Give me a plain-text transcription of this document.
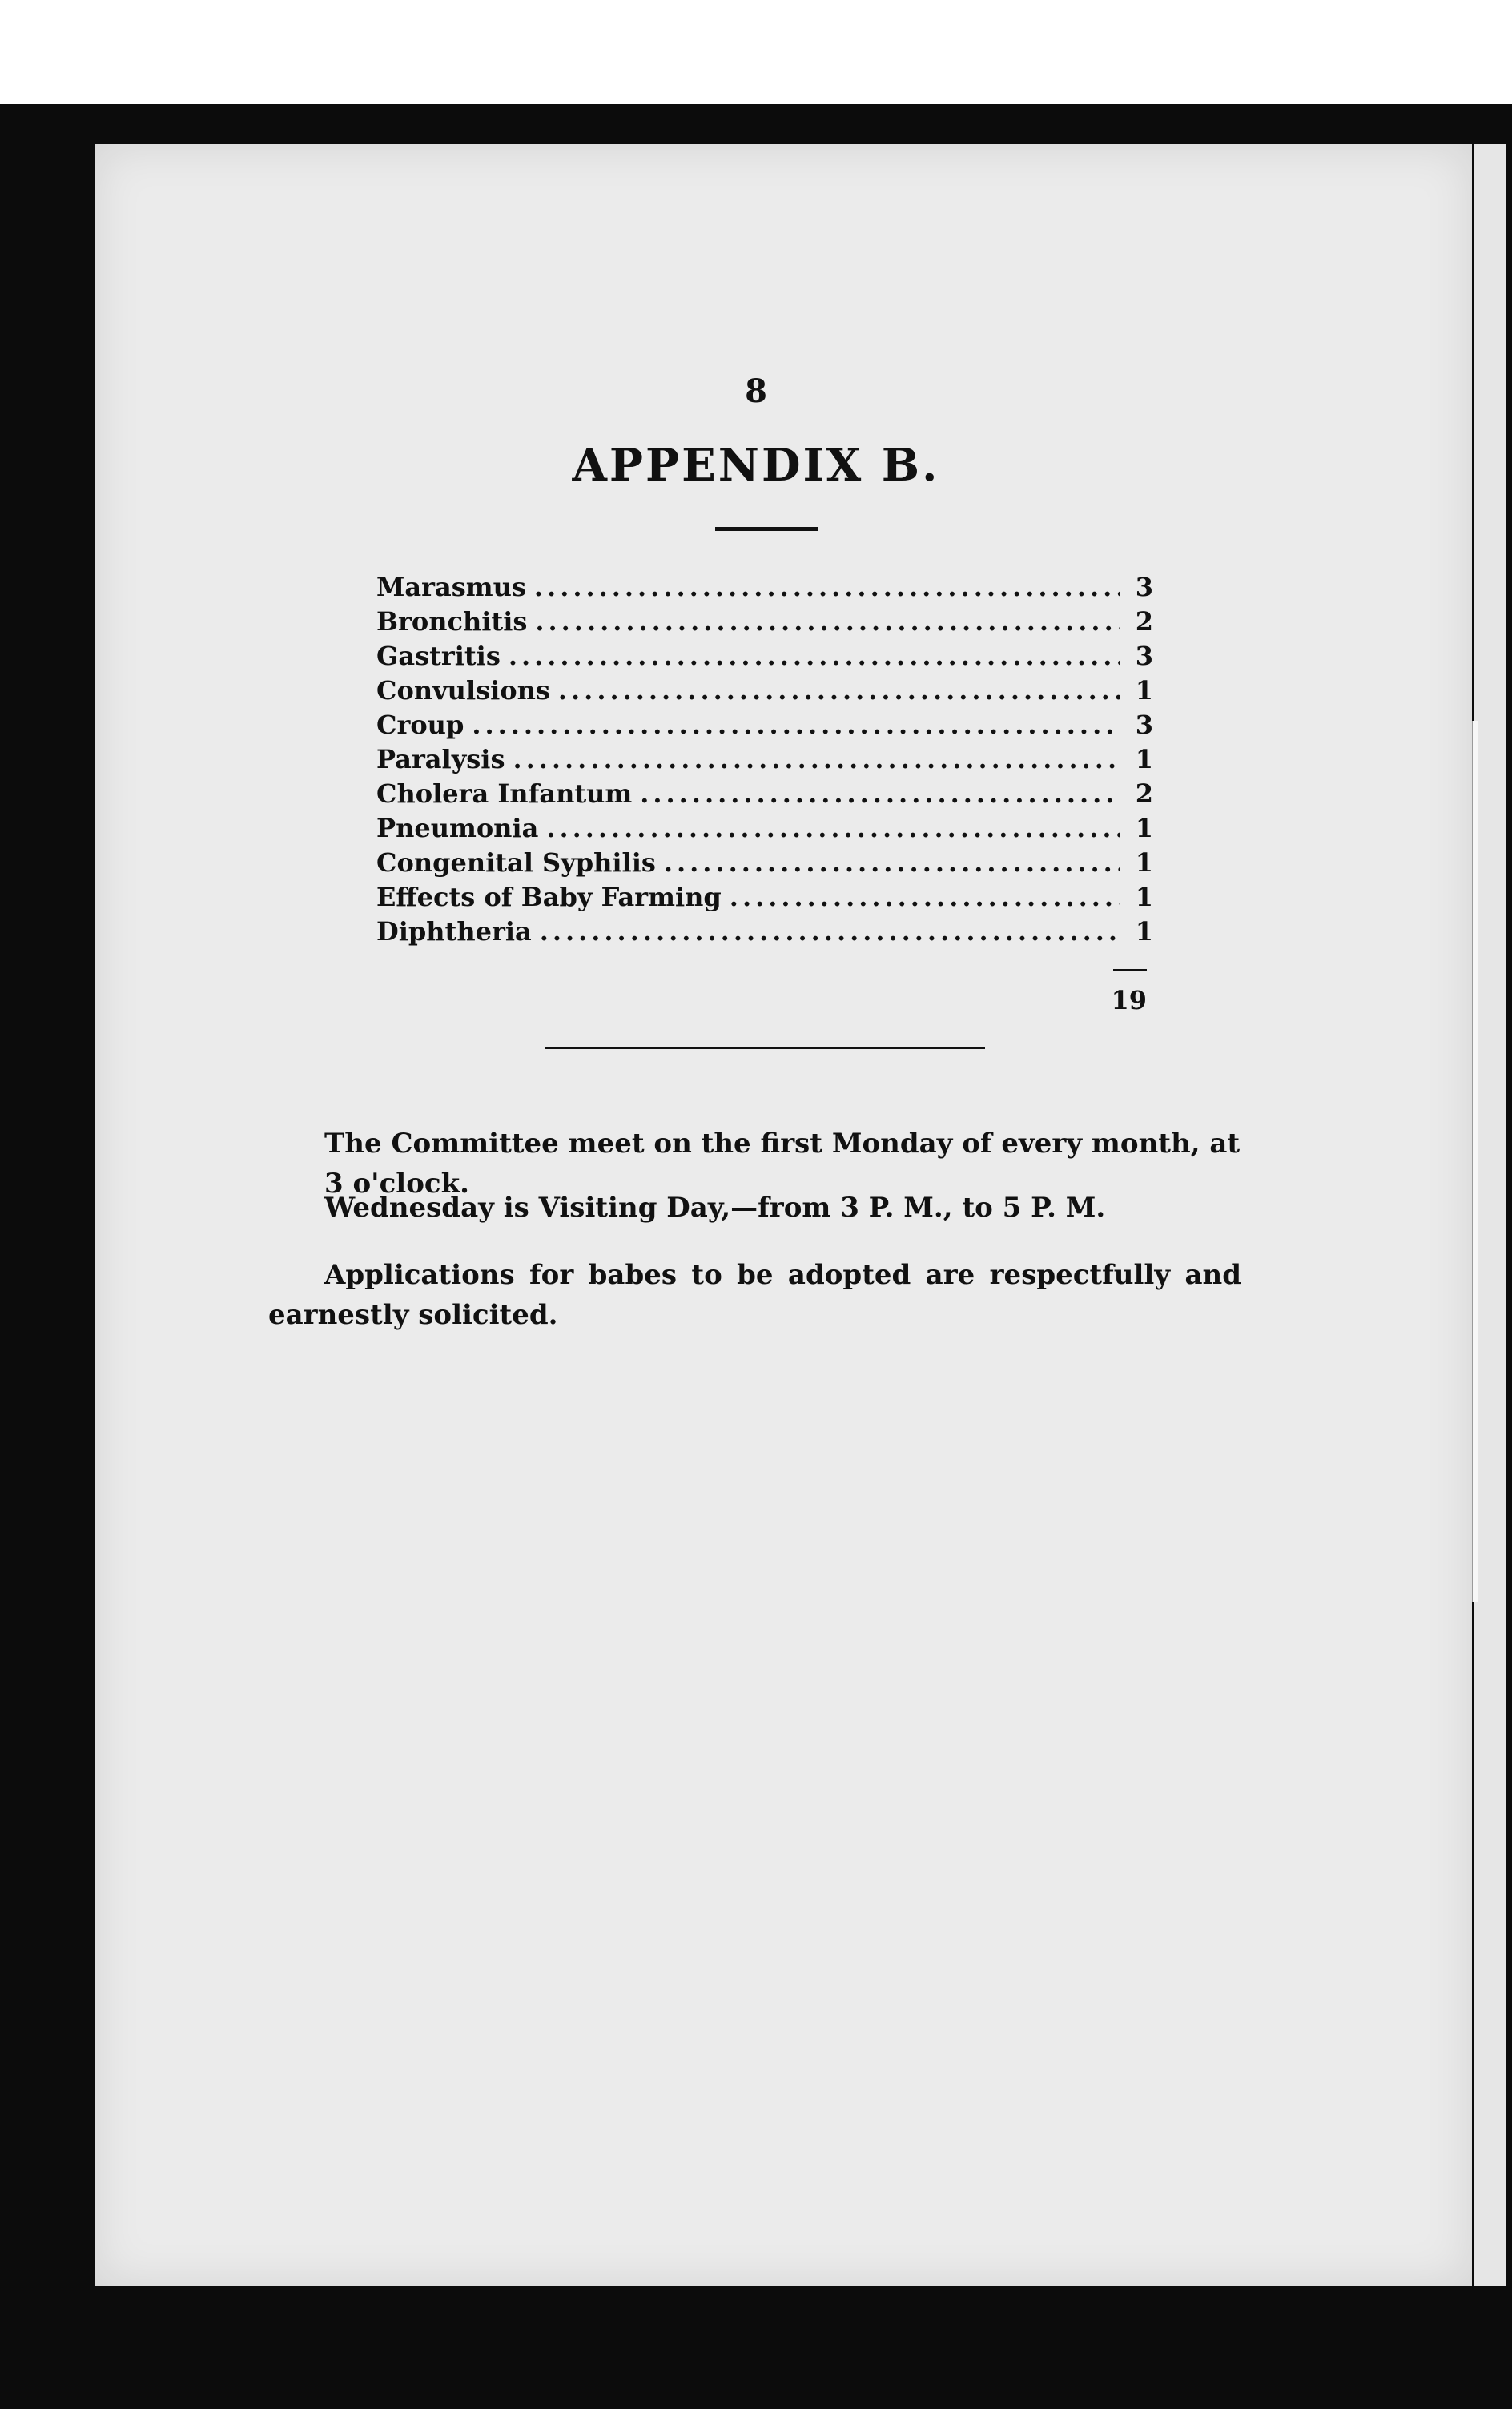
8
APPENDIX B.
Marasmus .....	3
Bronchitis .....	2
Gastritis .....	3
Convulsions .....	1
Croup .....	3
Paralysis .....	1
Cholera Infantum .....	2
Pneumonia .....	1
Congenital Syphilis .....	1
Effects of Baby Farming .....	1
Diphtheria .....	1
19
The Committee meet on the first Monday of every month, at 3 o'clock.
Wednesday is Visiting Day,—from 3 P. M., to 5 P. M.
Applications for babes to be adopted are respectfully and earnestly solicited.
